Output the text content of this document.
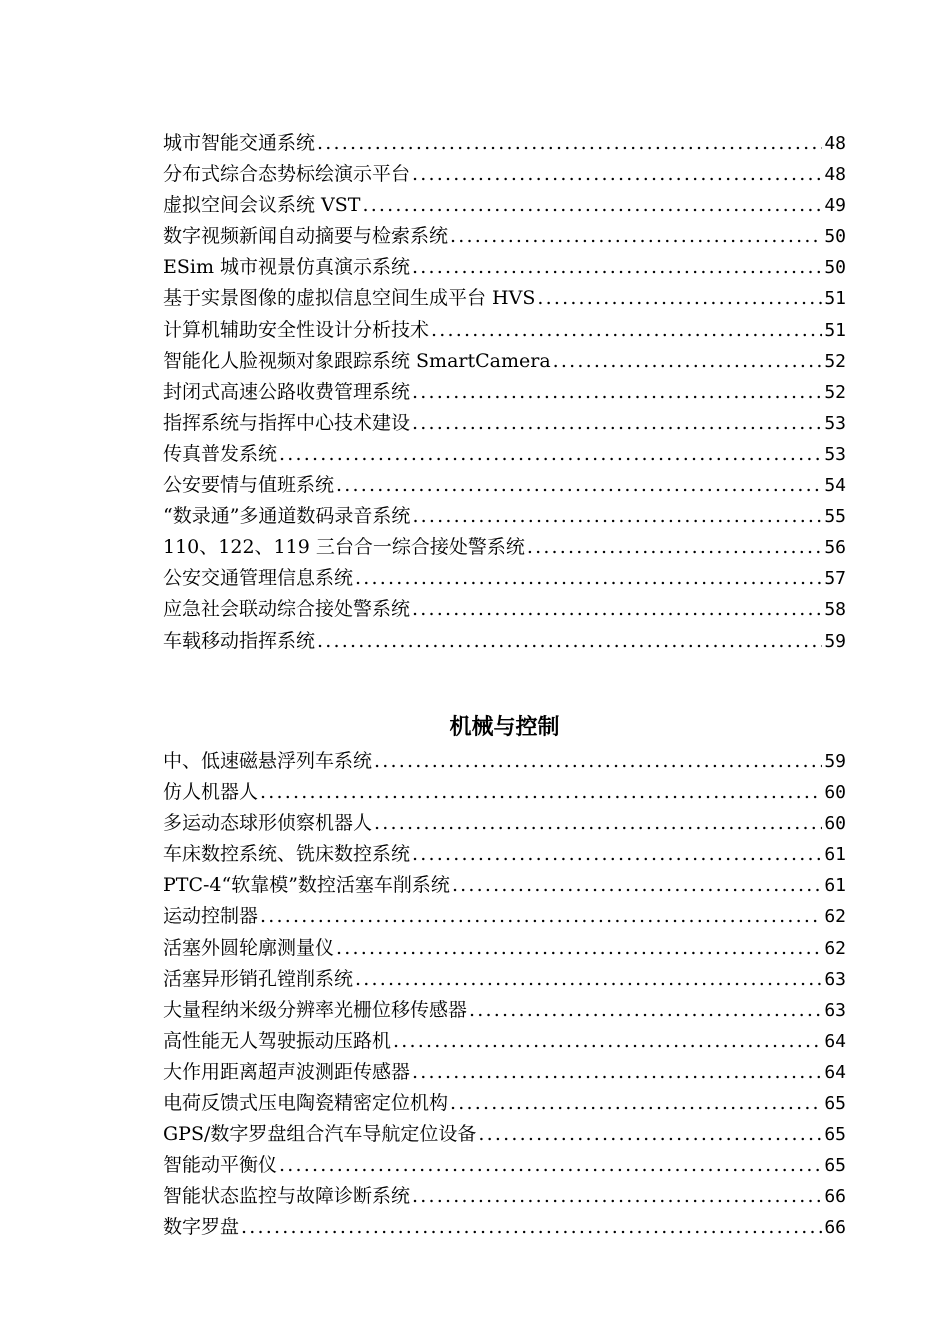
城市智能交通系统 .....	48
分布式综合态势标绘演示平台 .....	48
虚拟空间会议系统 VST .....	49
数字视频新闻自动摘要与检索系统 .....	50
ESim 城市视景仿真演示系统 .....	50
基于实景图像的虚拟信息空间生成平台 HVS .....	51
计算机辅助安全性设计分析技术 .....	51
智能化人脸视频对象跟踪系统 SmartCamera .....	52
封闭式高速公路收费管理系统 .....	52
指挥系统与指挥中心技术建设 .....	53
传真普发系统 .....	53
公安要情与值班系统 .....	54
“数录通”多通道数码录音系统 .....	55
110、122、119 三台合一综合接处警系统 .....	56
公安交通管理信息系统 .....	57
应急社会联动综合接处警系统 .....	58
车载移动指挥系统 .....	59
机械与控制
中、低速磁悬浮列车系统 .....	59
仿人机器人 .....	60
多运动态球形侦察机器人 .....	60
车床数控系统、铣床数控系统 .....	61
PTC-4“软靠模”数控活塞车削系统 .....	61
运动控制器 .....	62
活塞外圆轮廓测量仪 .....	62
活塞异形销孔镗削系统 .....	63
大量程纳米级分辨率光栅位移传感器 .....	63
高性能无人驾驶振动压路机 .....	64
大作用距离超声波测距传感器 .....	64
电荷反馈式压电陶瓷精密定位机构 .....	65
GPS/数字罗盘组合汽车导航定位设备 .....	65
智能动平衡仪 .....	65
智能状态监控与故障诊断系统 .....	66
数字罗盘 .....	66
